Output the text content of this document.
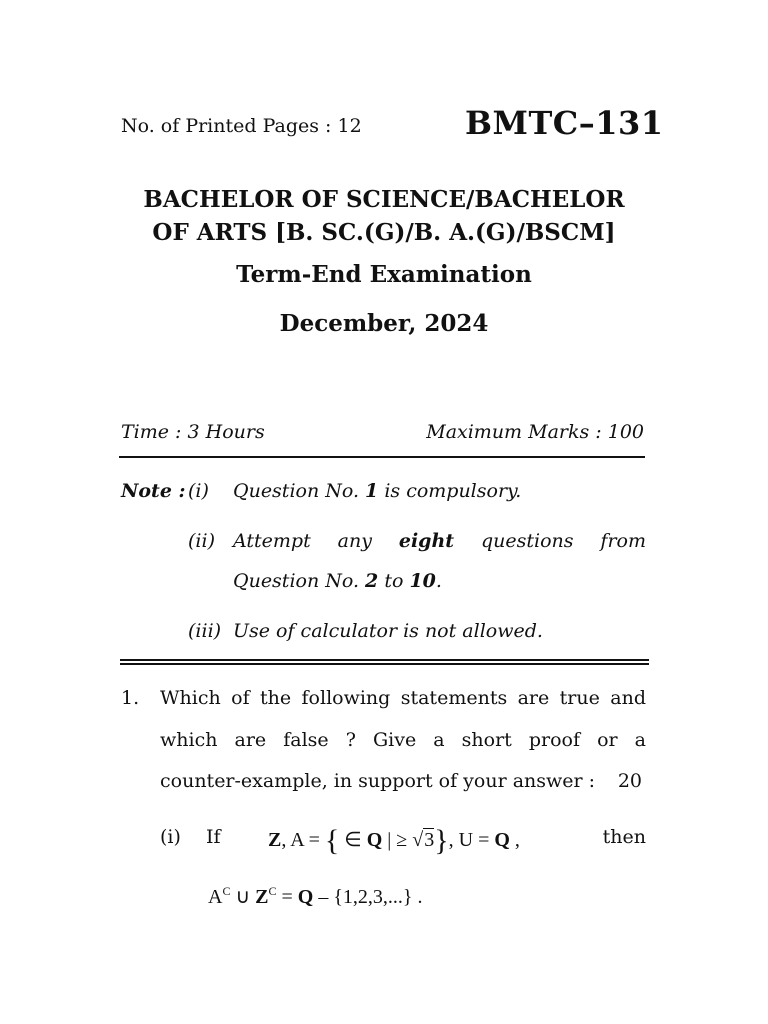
No. of Printed Pages : 12	BMTC–131
BACHELOR OF SCIENCE/BACHELOR
OF ARTS [B. SC.(G)/B. A.(G)/BSCM]
Term-End Examination
December, 2024
Time : 3 Hours	Maximum Marks : 100
Note : (i) Question No. 1 is compulsory.
(ii) Attempt any eight questions from
Question No. 2 to 10.
(iii) Use of calculator is not allowed.
1. Which of the following statements are true and
which are false ? Give a short proof or a
counter-example, in support of your answer : 20
(i) If Z, A = { ∈ Q | ≥ √3}, U = Q ,	then
$A^C$ ∪ $Z^C = Q - \{1,2,3,...\}$ .
